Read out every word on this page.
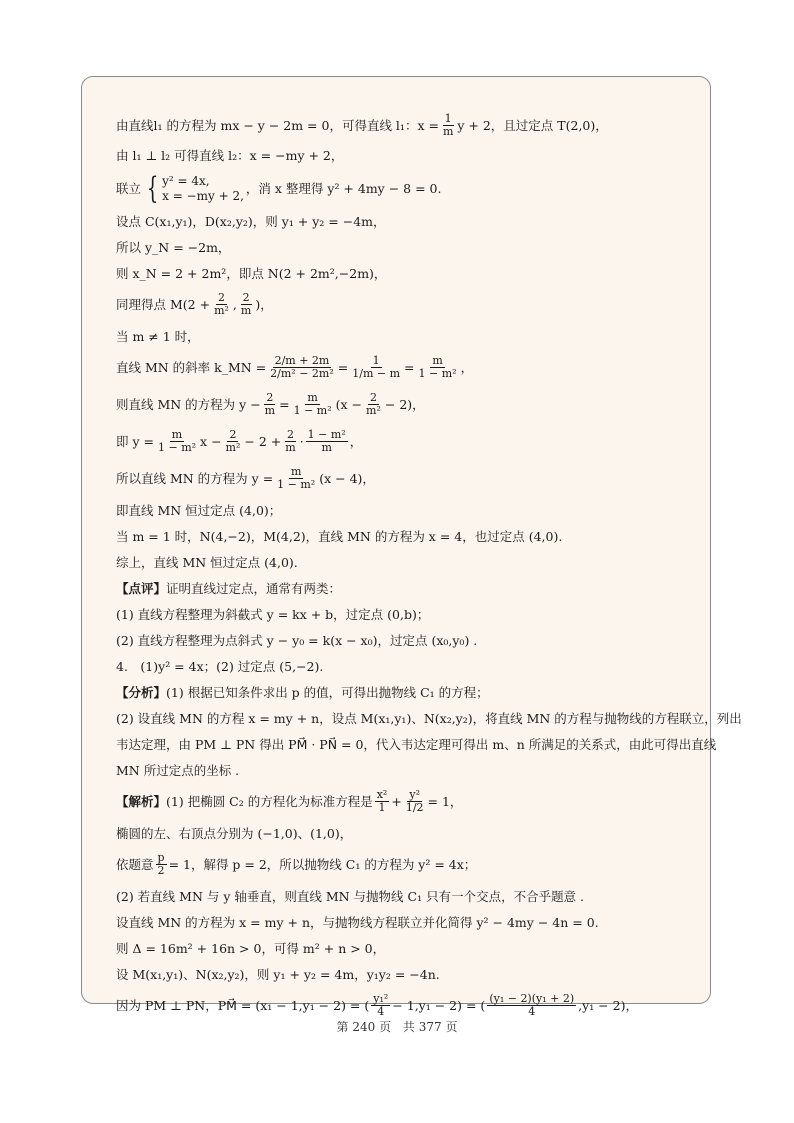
由直线 l₁ 的方程为 mx − y − 2m = 0，可得直线 l₁：$x = \frac{1}{m}$ y + 2，且过定点 T(2,0)，
由 l₁ ⊥ l₂ 可得直线 l₂：x = −my + 2，
联立 { y² = 4x,
x = −my + 2, ，消 x 整理得 y² + 4my − 8 = 0.
设点 C(x₁,y₁)，D(x₂,y₂)，则 y₁ + y₂ = −4m，
所以 y_N = −2m，
则 x_N = 2 + 2m²，即点 N(2 + 2m²,−2m)，
同理得点 $M(2 + \frac{2}{\text{m²}}$ , $\frac{2}{m}$ )，
当 m ≠ 1 时，
直线 MN 的斜率 k_MN = $\frac{2/m + 2m}{\text{2/m² − 2m²}} = \frac{1}{1/m - m} = \frac{m}{\text{1 − m²}}$ ，
则直线 MN 的方程为 $y - \frac{2}{m} = \frac{m}{\text{1 − m²}} (x - \frac{2}{\text{m²}} - 2)$，
即 $y = \frac{m}{\text{1 − m²}}$ $x - \frac{2}{\text{m²}} - 2 + \frac{2}{m} \cdot \frac{\text{1 − m²}}{m}$ ，
所以直线 MN 的方程为 $y = \frac{m}{\text{1 − m²}} (x - 4)$，
即直线 MN 恒过定点 (4,0)；
当 m = 1 时，N(4,−2)，M(4,2)，直线 MN 的方程为 x = 4，也过定点 (4,0).
综上，直线 MN 恒过定点 (4,0).
【点评】 证明直线过定点，通常有两类：
(1) 直线方程整理为斜截式 y = kx + b，过定点 (0,b)；
(2) 直线方程整理为点斜式 y − y₀ = k(x − x₀)，过定点 (x₀,y₀) .
4.　(1)y² = 4x；(2) 过定点 (5,−2).
【分析】 (1) 根据已知条件求出 p 的值，可得出抛物线 C₁ 的方程；
(2) 设直线 MN 的方程 x = my + n，设点 M(x₁,y₁)、N(x₂,y₂)，将直线 MN 的方程与抛物线的方程联立，列出
韦达定理，由 PM ⊥ PN 得出 PM⃗ · PN⃗ = 0，代入韦达定理可得出 m、n 所满足的关系式，由此可得出直线
MN 所过定点的坐标 .
【解析】 (1) 把椭圆 C₂ 的方程化为标准方程是 $\frac{\text{x²}}{1} + \frac{\text{y²}}{1/2} = 1$，
椭圆的左、右顶点分别为 (−1,0)、(1,0)，
依题意 $\frac{p}{2} = 1$，解得 p = 2，所以抛物线 C₁ 的方程为 y² = 4x；
(2) 若直线 MN 与 y 轴垂直，则直线 MN 与抛物线 C₁ 只有一个交点，不合乎题意 .
设直线 MN 的方程为 x = my + n，与抛物线方程联立并化简得 y² − 4my − 4n = 0.
则 Δ = 16m² + 16n > 0，可得 m² + n > 0，
设 M(x₁,y₁)、N(x₂,y₂)，则 y₁ + y₂ = 4m，y₁y₂ = −4n.
因为 PM ⊥ PN，PM⃗ = (x₁ − 1,y₁ − 2) = ( $\frac{\text{y₁²}}{4} - 1,y_1 - 2$) = ( $\frac{\text{(y₁ − 2)(y₁ + 2)}}{4} ,y_1 - 2$)，
第 240 页 共 377 页
